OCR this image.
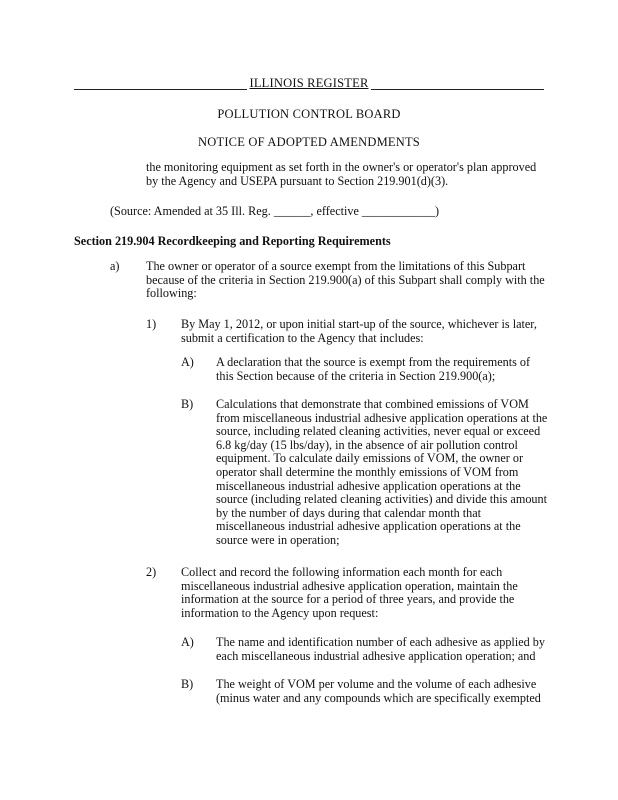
ILLINOIS REGISTER
POLLUTION CONTROL BOARD
NOTICE OF ADOPTED AMENDMENTS

the monitoring equipment as set forth in the owner's or operator's plan approved by the Agency and USEPA pursuant to Section 219.901(d)(3).

(Source: Amended at 35 Ill. Reg. ______, effective ____________)

Section 219.904 Recordkeeping and Reporting Requirements

a) The owner or operator of a source exempt from the limitations of this Subpart because of the criteria in Section 219.900(a) of this Subpart shall comply with the following:

1) By May 1, 2012, or upon initial start-up of the source, whichever is later, submit a certification to the Agency that includes:

A) A declaration that the source is exempt from the requirements of this Section because of the criteria in Section 219.900(a);

B) Calculations that demonstrate that combined emissions of VOM from miscellaneous industrial adhesive application operations at the source, including related cleaning activities, never equal or exceed 6.8 kg/day (15 lbs/day), in the absence of air pollution control equipment. To calculate daily emissions of VOM, the owner or operator shall determine the monthly emissions of VOM from miscellaneous industrial adhesive application operations at the source (including related cleaning activities) and divide this amount by the number of days during that calendar month that miscellaneous industrial adhesive application operations at the source were in operation;

2) Collect and record the following information each month for each miscellaneous industrial adhesive application operation, maintain the information at the source for a period of three years, and provide the information to the Agency upon request:

A) The name and identification number of each adhesive as applied by each miscellaneous industrial adhesive application operation; and

B) The weight of VOM per volume and the volume of each adhesive (minus water and any compounds which are specifically exempted
